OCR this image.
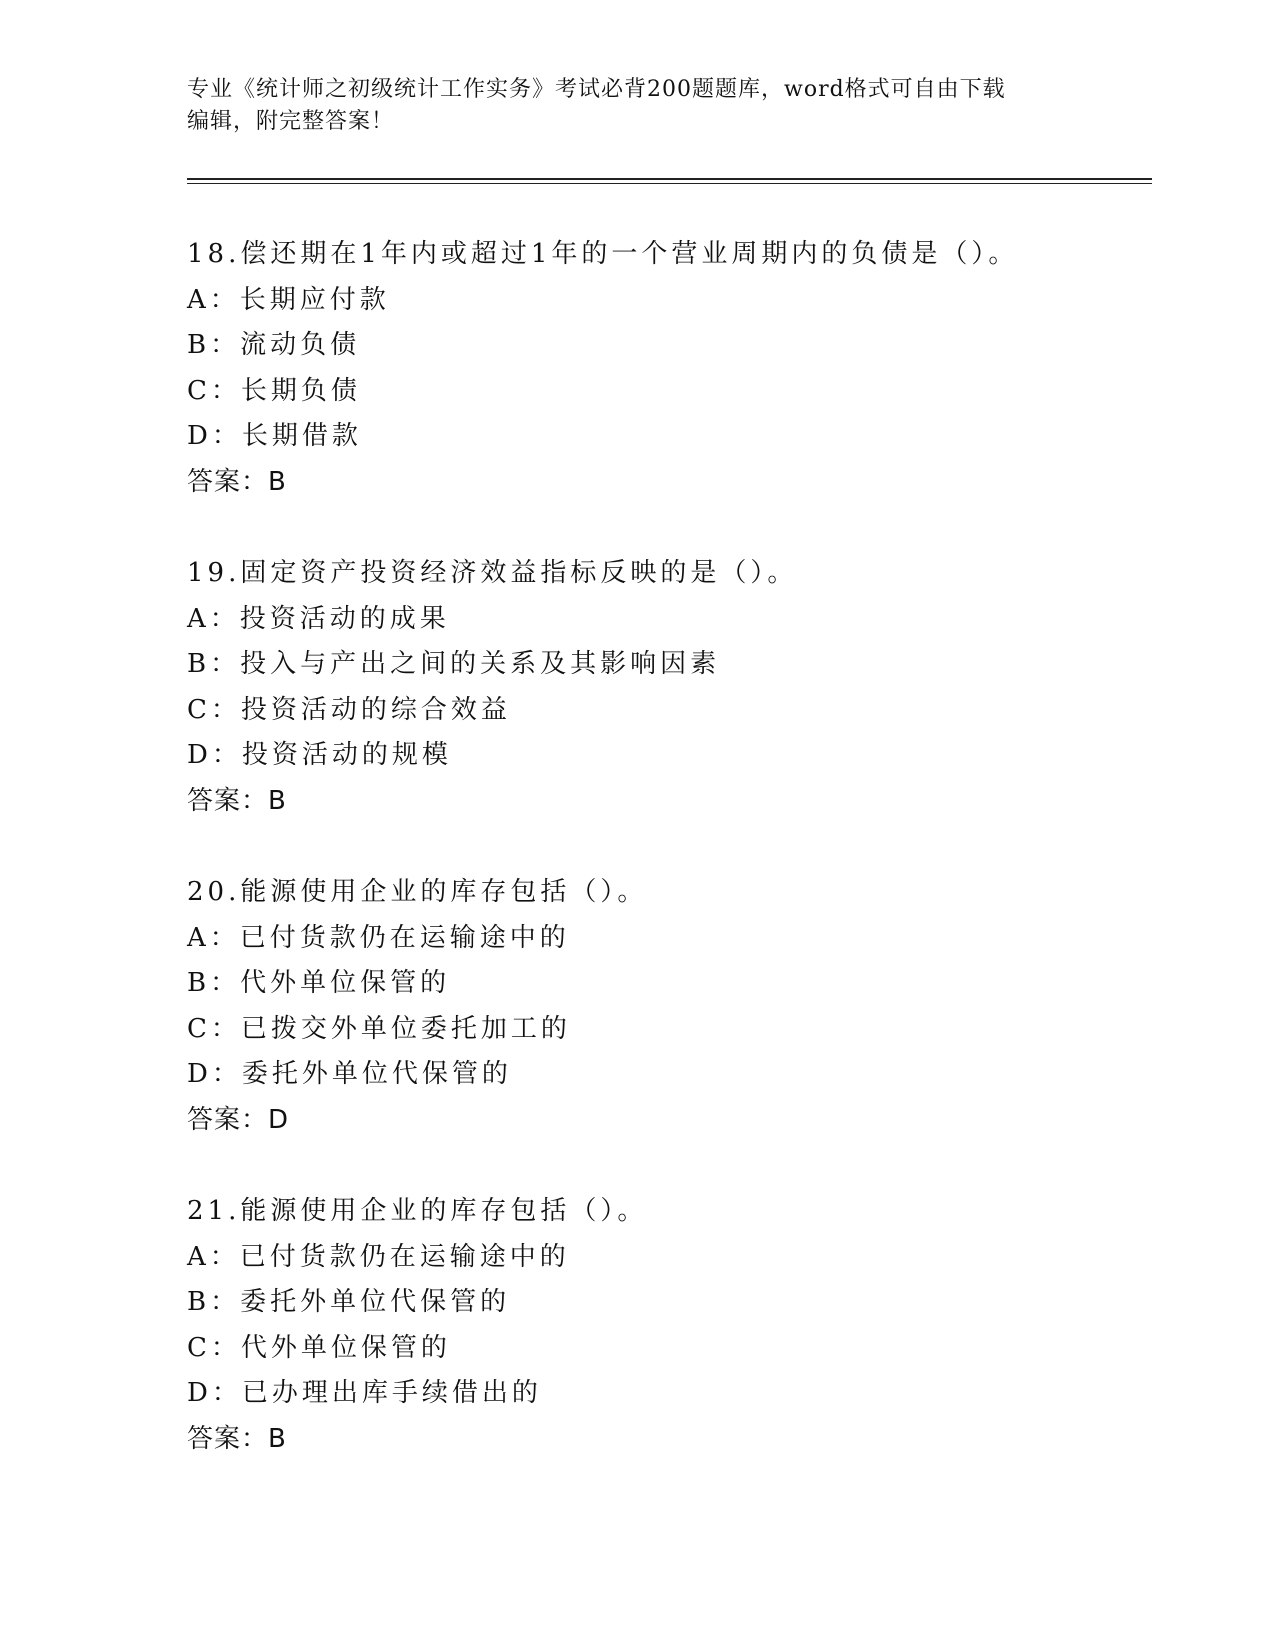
专业《统计师之初级统计工作实务》考试必背200题题库，word格式可自由下载
编辑，附完整答案！
18.偿还期在1年内或超过1年的一个营业周期内的负债是（）。
A：长期应付款
B：流动负债
C：长期负债
D：长期借款
答案：B
19.固定资产投资经济效益指标反映的是（）。
A：投资活动的成果
B：投入与产出之间的关系及其影响因素
C：投资活动的综合效益
D：投资活动的规模
答案：B
20.能源使用企业的库存包括（）。
A：已付货款仍在运输途中的
B：代外单位保管的
C：已拨交外单位委托加工的
D：委托外单位代保管的
答案：D
21.能源使用企业的库存包括（）。
A：已付货款仍在运输途中的
B：委托外单位代保管的
C：代外单位保管的
D：已办理出库手续借出的
答案：B
